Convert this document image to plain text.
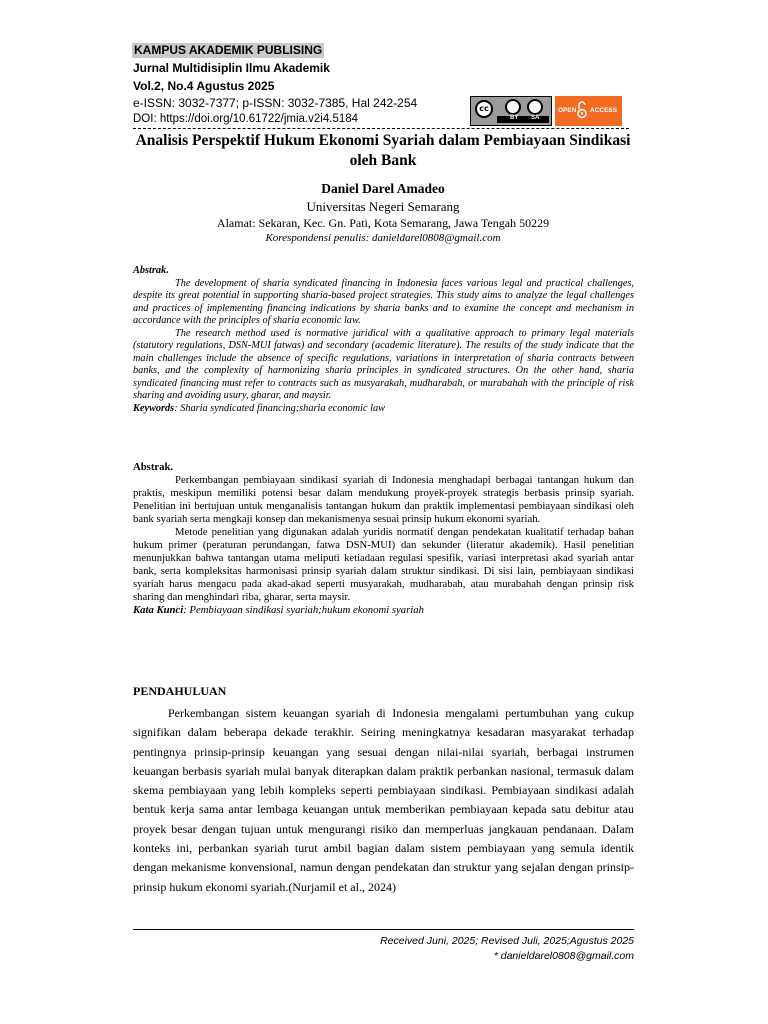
KAMPUS AKADEMIK PUBLISING
Jurnal Multidisiplin Ilmu Akademik
Vol.2, No.4 Agustus 2025
e-ISSN: 3032-7377; p-ISSN: 3032-7385, Hal 242-254
DOI: https://doi.org/10.61722/jmia.v2i4.5184
cc
BY SA
OPEN ACCESS
Analisis Perspektif Hukum Ekonomi Syariah dalam Pembiayaan Sindikasi oleh Bank
Daniel Darel Amadeo
Universitas Negeri Semarang
Alamat: Sekaran, Kec. Gn. Pati, Kota Semarang, Jawa Tengah 50229
Korespondensi penulis: danieldarel0808@gmail.com
Abstrak.

The development of sharia syndicated financing in Indonesia faces various legal and practical challenges, despite its great potential in supporting sharia-based project strategies. This study aims to analyze the legal challenges and practices of implementing financing indications by sharia banks and to examine the concept and mechanism in accordance with the principles of sharia economic law.

The research method used is normative juridical with a qualitative approach to primary legal materials (statutory regulations, DSN-MUI fatwas) and secondary (academic literature). The results of the study indicate that the main challenges include the absence of specific regulations, variations in interpretation of sharia contracts between banks, and the complexity of harmonizing sharia principles in syndicated structures. On the other hand, sharia syndicated financing must refer to contracts such as musyarakah, mudharabah, or murabahah with the principle of risk sharing and avoiding usury, gharar, and maysir.

Keywords: Sharia syndicated financing;sharia economic law
Abstrak.

Perkembangan pembiayaan sindikasi syariah di Indonesia menghadapi berbagai tantangan hukum dan praktis, meskipun memiliki potensi besar dalam mendukung proyek-proyek strategis berbasis prinsip syariah. Penelitian ini bertujuan untuk menganalisis tantangan hukum dan praktik implementasi pembiayaan sindikasi oleh bank syariah serta mengkaji konsep dan mekanismenya sesuai prinsip hukum ekonomi syariah.

Metode penelitian yang digunakan adalah yuridis normatif dengan pendekatan kualitatif terhadap bahan hukum primer (peraturan perundangan, fatwa DSN-MUI) dan sekunder (literatur akademik). Hasil penelitian menunjukkan bahwa tantangan utama meliputi ketiadaan regulasi spesifik, variasi interpretasi akad syariah antar bank, serta kompleksitas harmonisasi prinsip syariah dalam struktur sindikasi. Di sisi lain, pembiayaan sindikasi syariah harus mengacu pada akad-akad seperti musyarakah, mudharabah, atau murabahah dengan prinsip risk sharing dan menghindari riba, gharar, serta maysir.

Kata Kunci: Pembiayaan sindikasi syariah;hukum ekonomi syariah
PENDAHULUAN

Perkembangan sistem keuangan syariah di Indonesia mengalami pertumbuhan yang cukup signifikan dalam beberapa dekade terakhir. Seiring meningkatnya kesadaran masyarakat terhadap pentingnya prinsip-prinsip keuangan yang sesuai dengan nilai-nilai syariah, berbagai instrumen keuangan berbasis syariah mulai banyak diterapkan dalam praktik perbankan nasional, termasuk dalam skema pembiayaan yang lebih kompleks seperti pembiayaan sindikasi. Pembiayaan sindikasi adalah bentuk kerja sama antar lembaga keuangan untuk memberikan pembiayaan kepada satu debitur atau proyek besar dengan tujuan untuk mengurangi risiko dan memperluas jangkauan pendanaan. Dalam konteks ini, perbankan syariah turut ambil bagian dalam sistem pembiayaan yang semula identik dengan mekanisme konvensional, namun dengan pendekatan dan struktur yang sejalan dengan prinsip-prinsip hukum ekonomi syariah.(Nurjamil et al., 2024)

Received Juni, 2025; Revised Juli, 2025;Agustus 2025
* danieldarel0808@gmail.com
